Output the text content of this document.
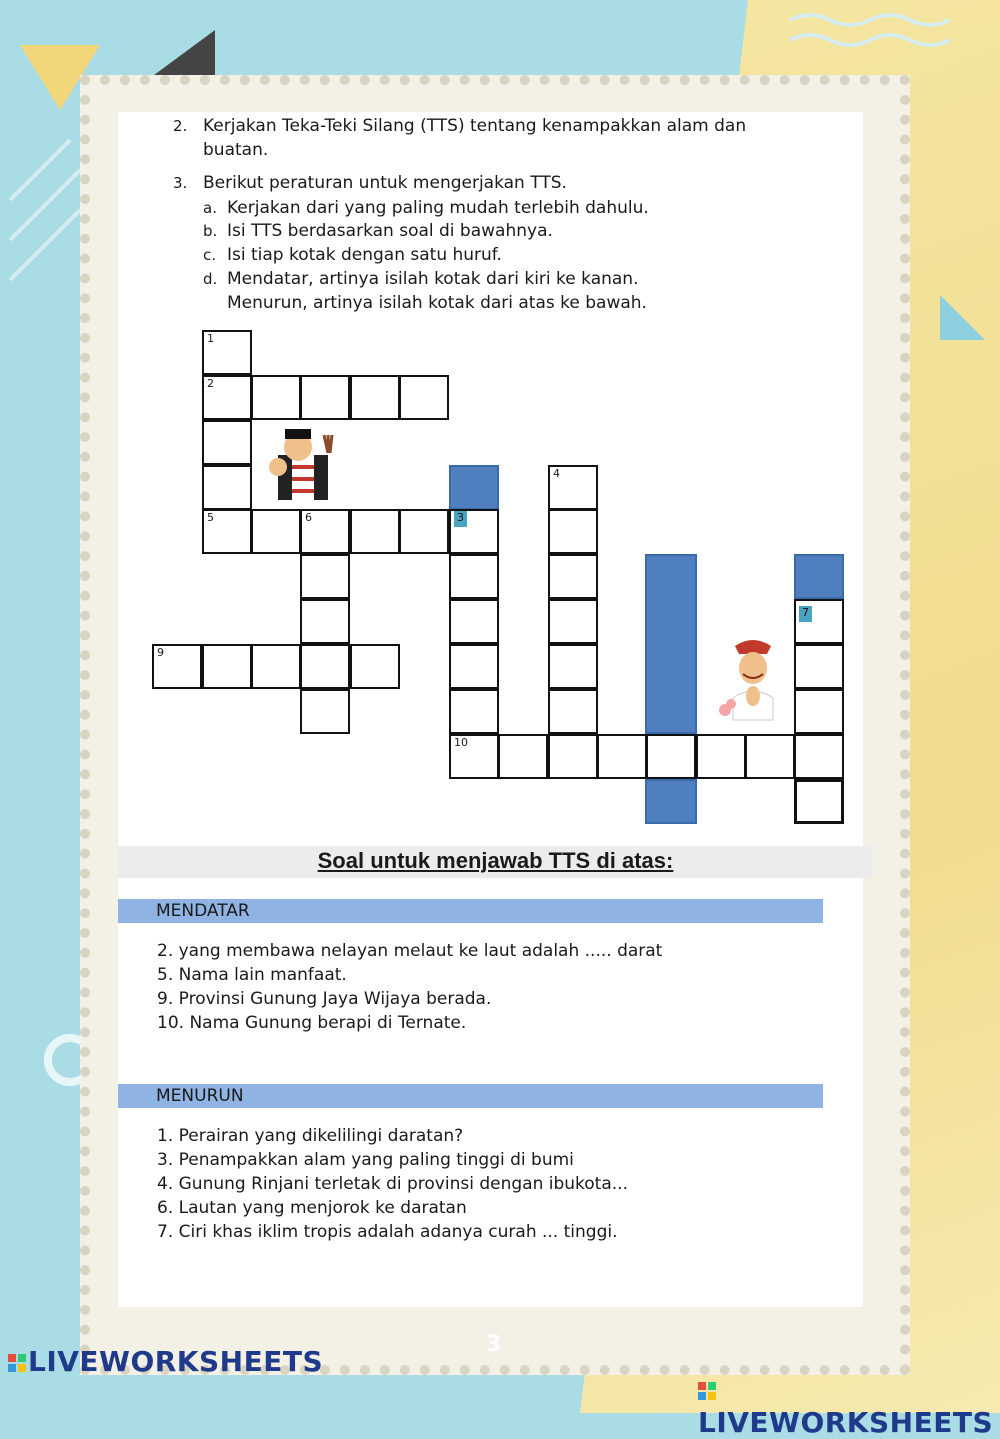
2. Kerjakan Teka-Teki Silang (TTS) tentang kenampakkan alam dan
buatan.
3. Berikut peraturan untuk mengerjakan TTS.
a. Kerjakan dari yang paling mudah terlebih dahulu.
b. Isi TTS berdasarkan soal di bawahnya.
c. Isi tiap kotak dengan satu huruf.
d. Mendatar, artinya isilah kotak dari kiri ke kanan.
Menurun, artinya isilah kotak dari atas ke bawah.
1
2
5	6
9
4
10
3
7
Soal untuk menjawab TTS di atas:
MENDATAR
2. yang membawa nelayan melaut ke laut adalah ..... darat
5. Nama lain manfaat.
9. Provinsi Gunung Jaya Wijaya berada.
10. Nama Gunung berapi di Ternate.
MENURUN
1. Perairan yang dikelilingi daratan?
3. Penampakkan alam yang paling tinggi di bumi
4. Gunung Rinjani terletak di provinsi dengan ibukota...
6. Lautan yang menjorok ke daratan
7. Ciri khas iklim tropis adalah adanya curah ... tinggi.
3
LIVEWORKSHEETS
LIVEWORKSHEETS
